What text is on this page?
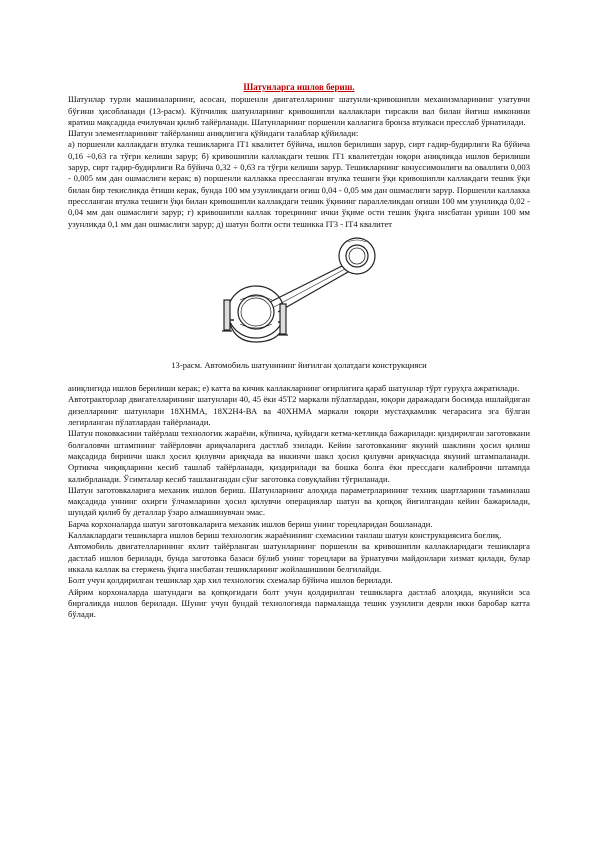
Шатунларга ишлов бериш.

Шатунлар турли машиналарнинг, асосан, поршенли двигателларнинг шатунли-кривошипли механизмларининг узатувчи бўғини ҳисобланади (13-расм). Кўпчилик шатунларнинг кривошипли каллаклари тирсакли вал билан йиғиш имконини яратиш мақсадида ечилувчан қилиб тайёрланади. Шатунларнинг поршенли каллагига бронза втулкаси преcслаб ўрнатилади.

Шатун элементларининг тайёрланиш аниқлигига қўйидаги талаблар қўйилади:

а) поршенли каллакдаги втулка тешикларига IT1 квалитет бўйича, ишлов берилиши зарур, сирт гадир-будирлиги Ra бўйича 0,16 ÷0,63 га тўғри келиши зарур; б) кривошипли каллакдаги тешик IT1 квалитетдан юқори аниқликда ишлов берилиши зарур, сирт гадир-будирлиги Ra бўйича 0,32 ÷ 0,63 га тўғри келиши зарур. Тешикларнинг конуссимонлиги ва оваллиги 0,003 - 0,005 мм дан ошмаслиги керак; в) поршенли каллакка преccланган втулка тешиги ўқи кривошипли каллакдаги тешик ўқи билан бир текисликда ётиши керак, бунда 100 мм узунликдаги оғиш 0,04 - 0,05 мм дан ошмаслиги зарур. Поршенли каллакка преccланган втулка тешиги ўқи билан кривошипли каллакдаги тешик ўқининг параллеликдан оғиши 100 мм узунликда 0,02 - 0,04 мм дан ошмаслиги зарур; г) кривошипли каллак торецининг ички ўқиме ости тешик ўқига нисбатан уриши 100 мм узунликда 0,1 мм дан ошмаслиги зарур; д) шатун болти ости тешикка IT3 - IT4 квалитет

13-расм. Автомобиль шатунининг йиғилган ҳолатдаги конструкцияси

аниқлигида ишлов берилиши керак; е) катта ва кичик каллакларнинг оғирлигига қараб шатунлар тўрт гуруҳга ажратилади.

Автотракторлар двигателларининг шатунлари 40, 45 ёки 45Т2 маркали пўлатлардан, юқори даражадаги босимда ишлайдиган дизелларнинг шатунлари 18ХНМА, 18Х2Н4-ВА ва 40ХНМА маркали юқори мустаҳкамлик чегарасига эга бўлган легирланган пўлатлардан тайёрланади.

Шатун поковкасини тайёрлаш технологик жараёни, кўпинча, қуйидаги кетма-кетликда бажарилади: қиздирилган заготовкани болғаловчи штампнинг тайёрловчи ариқчаларига дастлаб эзилади. Кейин заготовканинг якуний шаклини ҳосил қилиш мақсадида биринчи шакл ҳосил қилувчи ариқчада ва иккинчи шакл ҳосил қилувчи ариқчасида якуний штампаланади. Ортикча чиқиқларини кесиб ташлаб тайёрланади, қиздирилади ва бошка болға ёки прессдаги калибровчи штампда калибрланади. Ўсимталар кесиб ташлангандан сўнг заготовка совуқлайин тўғриланади.

Шатун заготовкаларига механик ишлов бериш. Шатунларнинг алоҳида параметрларининг техник шартларини таъминлаш мақсадида уннинг охирги ўлчамларини ҳосил қилувчи операциялар шатун ва қопқоқ йиғилгандан кейин бажарилади, шундай қилиб бу деталлар ўзаро алмашинувчан эмас.

Барча корхоналарда шатун заготовкаларига механик ишлов бериш унинг торецларидан бошланади.

Каллаклардаги тешикларга ишлов бериш технологик жараёнининг схемасини танлаш шатун конструкциясига боғлиқ.

Автомобиль двигателларининг яхлит тайёрланган шатунларнинг поршенли ва кривошипли каллакларидаги тешикларга дастлаб ишлов берилади, бунда заготовка базаси бўлиб унинг торецлари ва ўрнатувчи майдонлари хизмат қилади, булар иккала каллак ва стержень ўқига нисбатан тешикларнинг жойлашишини белгилайди.

Болт учун қолдирилган тешиклар ҳар хил технологик схемалар бўйича ишлов берилади.

Айрим корхоналарда шатундаги ва қопқоғидаги болт учун қолдирилган тешикларга дастлаб алоҳида, якунийси эса биргаликда ишлов берилади. Шуниг учун бундай технологияда пармалашда тешик узунлиги деярли икки баробар катта бўлади.
